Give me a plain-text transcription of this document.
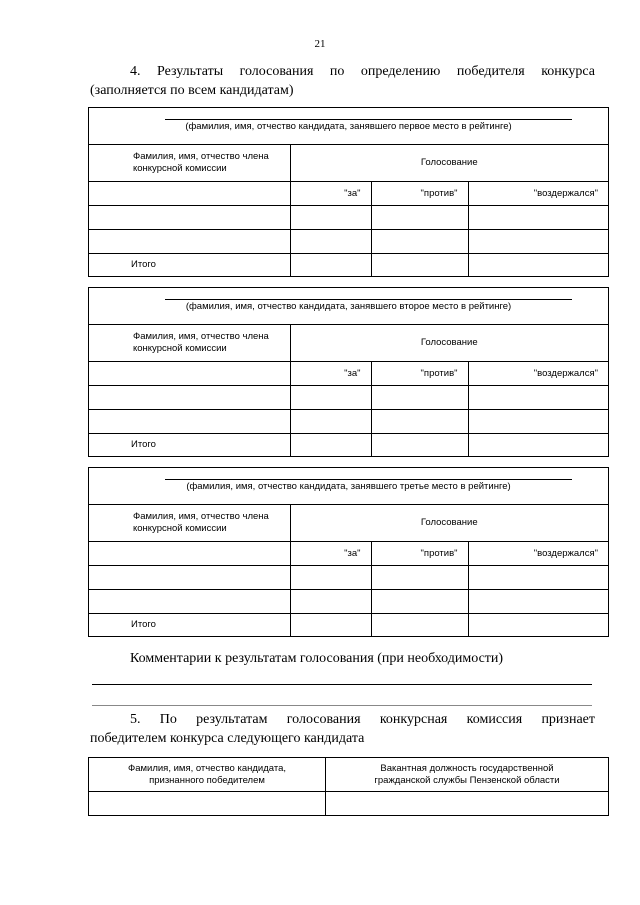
21
4. Результаты голосования по определению победителя конкурса
(заполняется по всем кандидатам)
(фамилия, имя, отчество кандидата, занявшего первое место в рейтинге)
Фамилия, имя, отчество члена
конкурсной комиссии	Голосование		
	"за"	"против"	"воздержался"

Итого			
(фамилия, имя, отчество кандидата, занявшего второе место в рейтинге)
Фамилия, имя, отчество члена
конкурсной комиссии	Голосование		
	"за"	"против"	"воздержался"

Итого			
(фамилия, имя, отчество кандидата, занявшего третье место в рейтинге)
Фамилия, имя, отчество члена
конкурсной комиссии	Голосование		
	"за"	"против"	"воздержался"

Итого			
Комментарии к результатам голосования (при необходимости)
5. По результатам голосования конкурсная комиссия признает
победителем конкурса следующего кандидата
Фамилия, имя, отчество кандидата,
признанного победителем	Вакантная должность государственной
гражданской службы Пензенской области
